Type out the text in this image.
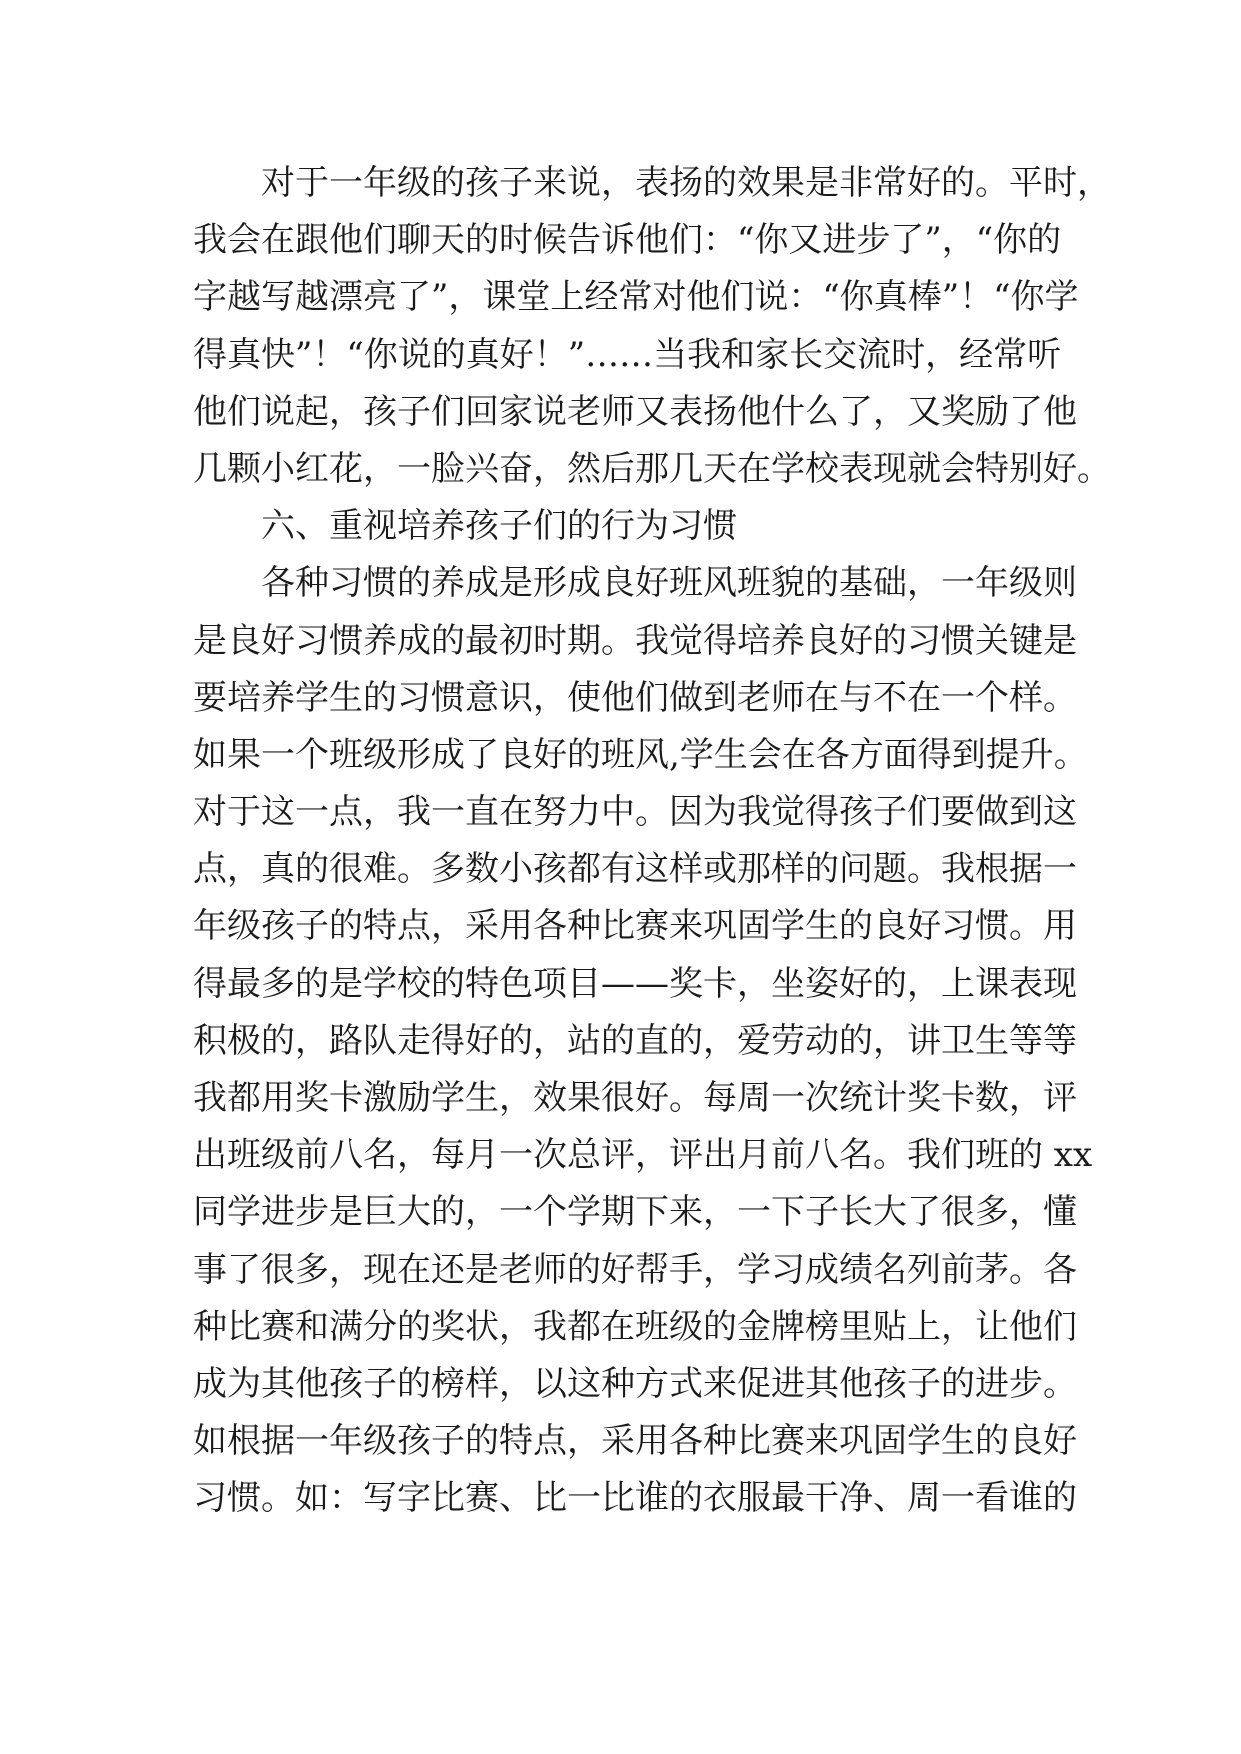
对于一年级的孩子来说，表扬的效果是非常好的。平时，
我会在跟他们聊天的时候告诉他们：“你又进步了”，“你的
字越写越漂亮了”，课堂上经常对他们说：“你真棒”！“你学
得真快”！“你说的真好！”……当我和家长交流时，经常听
他们说起，孩子们回家说老师又表扬他什么了，又奖励了他
几颗小红花，一脸兴奋，然后那几天在学校表现就会特别好。
六、重视培养孩子们的行为习惯
各种习惯的养成是形成良好班风班貌的基础，一年级则
是良好习惯养成的最初时期。我觉得培养良好的习惯关键是
要培养学生的习惯意识，使他们做到老师在与不在一个样。
如果一个班级形成了良好的班风,学生会在各方面得到提升。
对于这一点，我一直在努力中。因为我觉得孩子们要做到这
点，真的很难。多数小孩都有这样或那样的问题。我根据一
年级孩子的特点，采用各种比赛来巩固学生的良好习惯。用
得最多的是学校的特色项目——奖卡，坐姿好的，上课表现
积极的，路队走得好的，站的直的，爱劳动的，讲卫生等等
我都用奖卡激励学生，效果很好。每周一次统计奖卡数，评
出班级前八名，每月一次总评，评出月前八名。我们班的 xx
同学进步是巨大的，一个学期下来，一下子长大了很多，懂
事了很多，现在还是老师的好帮手，学习成绩名列前茅。各
种比赛和满分的奖状，我都在班级的金牌榜里贴上，让他们
成为其他孩子的榜样，以这种方式来促进其他孩子的进步。
如根据一年级孩子的特点，采用各种比赛来巩固学生的良好
习惯。如：写字比赛、比一比谁的衣服最干净、周一看谁的
